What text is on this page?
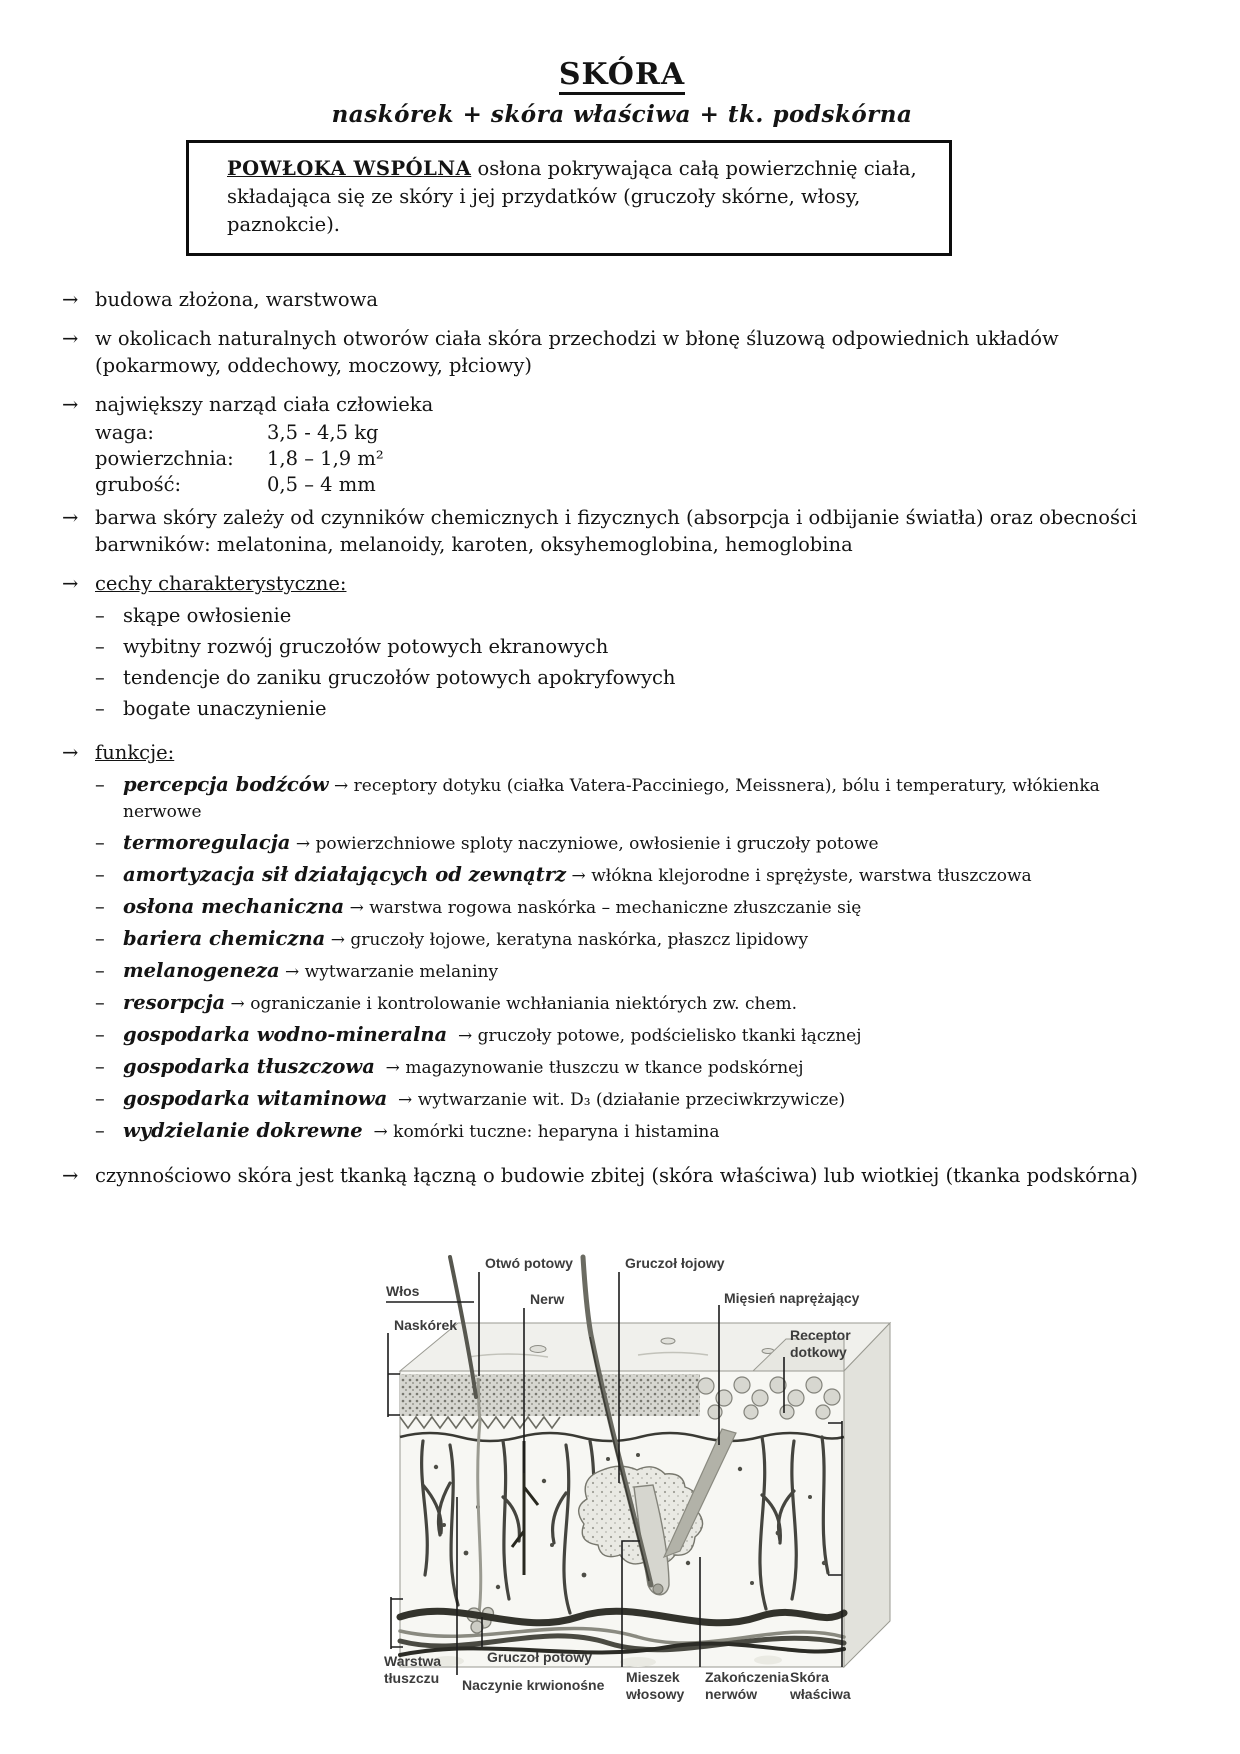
SKÓRA
naskórek + skóra właściwa + tk. podskórna
POWŁOKA WSPÓLNA osłona pokrywająca całą powierzchnię ciała, składająca się ze skóry i jej przydatków (gruczoły skórne, włosy, paznokcie).
→ budowa złożona, warstwowa
→ w okolicach naturalnych otworów ciała skóra przechodzi w błonę śluzową odpowiednich układów (pokarmowy, oddechowy, moczowy, płciowy)
→ największy narząd ciała człowieka
waga:	3,5 - 4,5 kg
powierzchnia:	1,8 – 1,9 m²
grubość:	0,5 – 4 mm
→ barwa skóry zależy od czynników chemicznych i fizycznych (absorpcja i odbijanie światła) oraz obecności barwników: melatonina, melanoidy, karoten, oksyhemoglobina, hemoglobina
→ cechy charakterystyczne:
– skąpe owłosienie
– wybitny rozwój gruczołów potowych ekranowych
– tendencje do zaniku gruczołów potowych apokryfowych
– bogate unaczynienie
→ funkcje:
– percepcja bodźców → receptory dotyku (ciałka Vatera-Pacciniego, Meissnera), bólu i temperatury, włókienka nerwowe
– termoregulacja → powierzchniowe sploty naczyniowe, owłosienie i gruczoły potowe
– amortyzacja sił działających od zewnątrz → włókna klejorodne i sprężyste, warstwa tłuszczowa
– osłona mechaniczna → warstwa rogowa naskórka – mechaniczne złuszczanie się
– bariera chemiczna → gruczoły łojowe, keratyna naskórka, płaszcz lipidowy
– melanogeneza → wytwarzanie melaniny
– resorpcja → ograniczanie i kontrolowanie wchłaniania niektórych zw. chem.
– gospodarka wodno-mineralna → gruczoły potowe, podścielisko tkanki łącznej
– gospodarka tłuszczowa → magazynowanie tłuszczu w tkance podskórnej
– gospodarka witaminowa → wytwarzanie wit. D₃ (działanie przeciwkrzywicze)
– wydzielanie dokrewne → komórki tuczne: heparyna i histamina
→ czynnościowo skóra jest tkanką łączną o budowie zbitej (skóra właściwa) lub wiotkiej (tkanka podskórna)
Włos
Otwó potowy
Nerw
Gruczoł łojowy
Mięsień naprężający
Naskórek
Receptor dotkowy
Warstwa tłuszczu
Gruczoł potowy
Naczynie krwionośne	Mieszek włosowy
Zakończenia nerwów
Skóra właściwa
